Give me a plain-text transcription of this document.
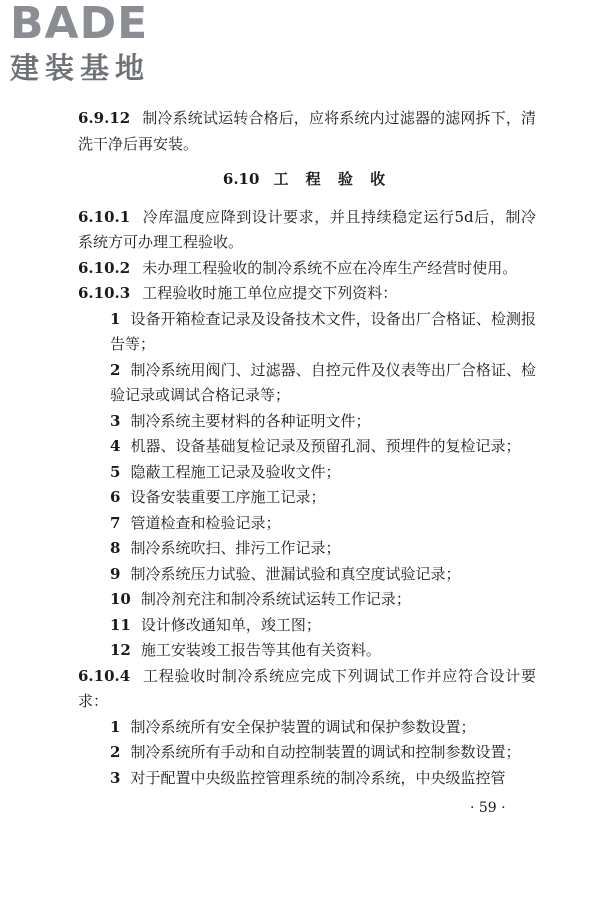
BADE
建装基地

6.9.12 制冷系统试运转合格后，应将系统内过滤器的滤网拆下，清洗干净后再安装。

6.10 工 程 验 收

6.10.1 冷库温度应降到设计要求，并且持续稳定运行5d后，制冷系统方可办理工程验收。

6.10.2 未办理工程验收的制冷系统不应在冷库生产经营时使用。

6.10.3 工程验收时施工单位应提交下列资料：

1 设备开箱检查记录及设备技术文件，设备出厂合格证、检测报告等；

2 制冷系统用阀门、过滤器、自控元件及仪表等出厂合格证、检验记录或调试合格记录等；

3 制冷系统主要材料的各种证明文件；

4 机器、设备基础复检记录及预留孔洞、预埋件的复检记录；

5 隐蔽工程施工记录及验收文件；

6 设备安装重要工序施工记录；

7 管道检查和检验记录；

8 制冷系统吹扫、排污工作记录；

9 制冷系统压力试验、泄漏试验和真空度试验记录；

10 制冷剂充注和制冷系统试运转工作记录；

11 设计修改通知单，竣工图；

12 施工安装竣工报告等其他有关资料。

6.10.4 工程验收时制冷系统应完成下列调试工作并应符合设计要求：

1 制冷系统所有安全保护装置的调试和保护参数设置；

2 制冷系统所有手动和自动控制装置的调试和控制参数设置；

3 对于配置中央级监控管理系统的制冷系统，中央级监控管

· 59 ·
